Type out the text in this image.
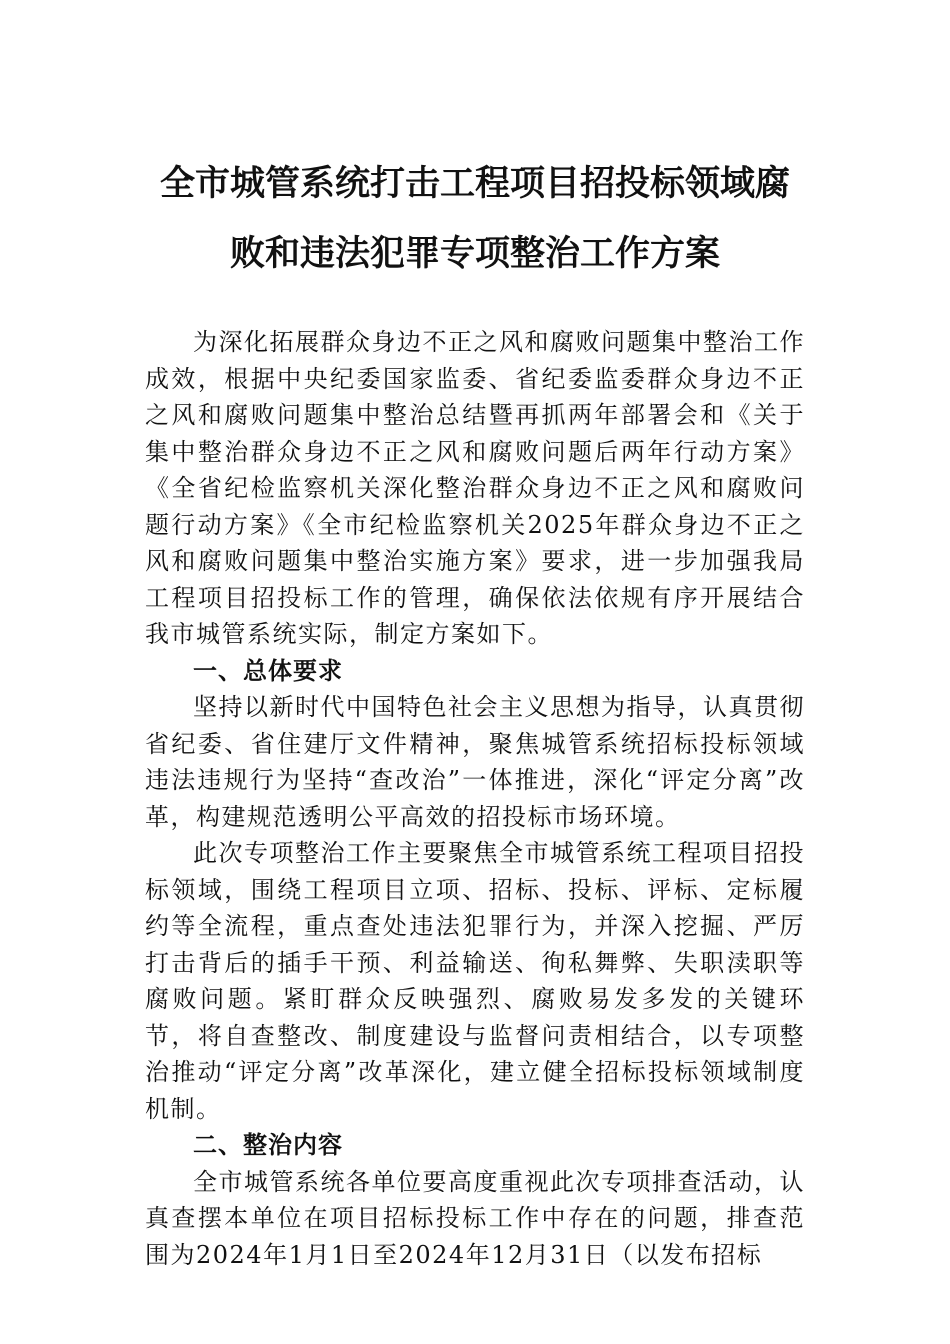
全市城管系统打击工程项目招投标领域腐
败和违法犯罪专项整治工作方案

为深化拓展群众身边不正之风和腐败问题集中整治工作成效，根据中央纪委国家监委、省纪委监委群众身边不正之风和腐败问题集中整治总结暨再抓两年部署会和《关于集中整治群众身边不正之风和腐败问题后两年行动方案》《全省纪检监察机关深化整治群众身边不正之风和腐败问题行动方案》《全市纪检监察机关2025年群众身边不正之风和腐败问题集中整治实施方案》要求，进一步加强我局工程项目招投标工作的管理，确保依法依规有序开展结合我市城管系统实际，制定方案如下。

一、总体要求

坚持以新时代中国特色社会主义思想为指导，认真贯彻省纪委、省住建厅文件精神，聚焦城管系统招标投标领域违法违规行为坚持“查改治”一体推进，深化“评定分离”改革，构建规范透明公平高效的招投标市场环境。

此次专项整治工作主要聚焦全市城管系统工程项目招投标领域，围绕工程项目立项、招标、投标、评标、定标履约等全流程，重点查处违法犯罪行为，并深入挖掘、严厉打击背后的插手干预、利益输送、徇私舞弊、失职渎职等腐败问题。紧盯群众反映强烈、腐败易发多发的关键环节，将自查整改、制度建设与监督问责相结合，以专项整治推动“评定分离”改革深化，建立健全招标投标领域制度机制。

二、整治内容

全市城管系统各单位要高度重视此次专项排查活动，认真查摆本单位在项目招标投标工作中存在的问题，排查范围为2024年1月1日至2024年12月31日（以发布招标
